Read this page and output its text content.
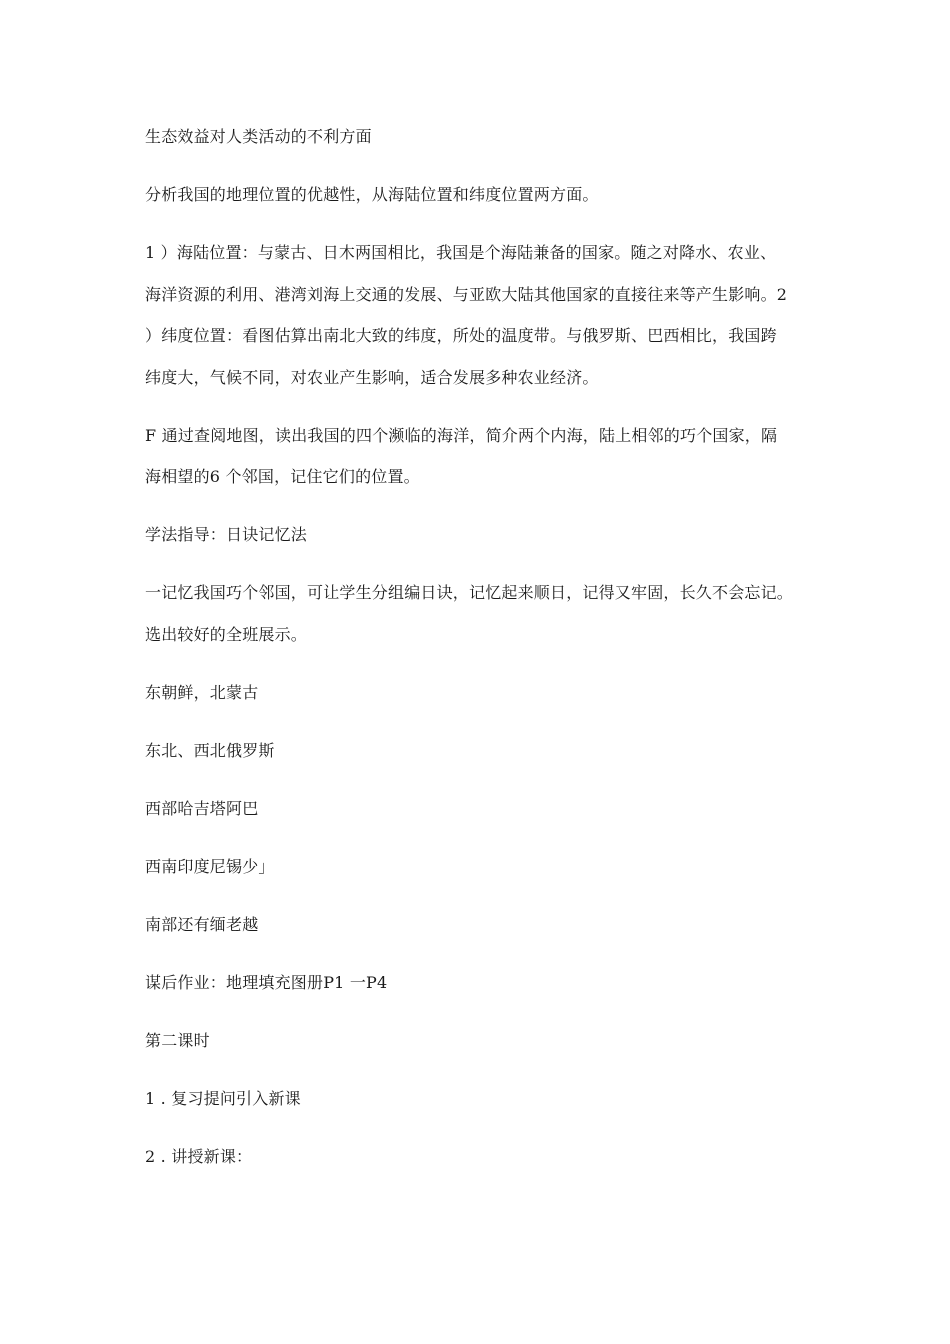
生态效益对人类活动的不利方面

分析我国的地理位置的优越性，从海陆位置和纬度位置两方面。

1 ）海陆位置：与蒙古、日木两国相比，我国是个海陆兼备的国家。随之对降水、农业、

海洋资源的利用、港湾刘海上交通的发展、与亚欧大陆其他国家的直接往来等产生影响。2

）纬度位置：看图估算出南北大致的纬度，所处的温度带。与俄罗斯、巴西相比，我国跨

纬度大，气候不同，对农业产生影响，适合发展多种农业经济。

F 通过查阅地图，读出我国的四个濒临的海洋，简介两个内海，陆上相邻的巧个国家，隔

海相望的6 个邻国，记住它们的位置。

学法指导：日诀记忆法

一记忆我国巧个邻国，可让学生分组编日诀，记忆起来顺日，记得又牢固，长久不会忘记。

选出较好的全班展示。

东朝鲜，北蒙古

东北、西北俄罗斯

西部哈吉塔阿巴

西南印度尼锡少」

南部还有缅老越

谋后作业：地理填充图册P1 一P4

第二课时

1 . 复习提问引入新课

2 . 讲授新课：
